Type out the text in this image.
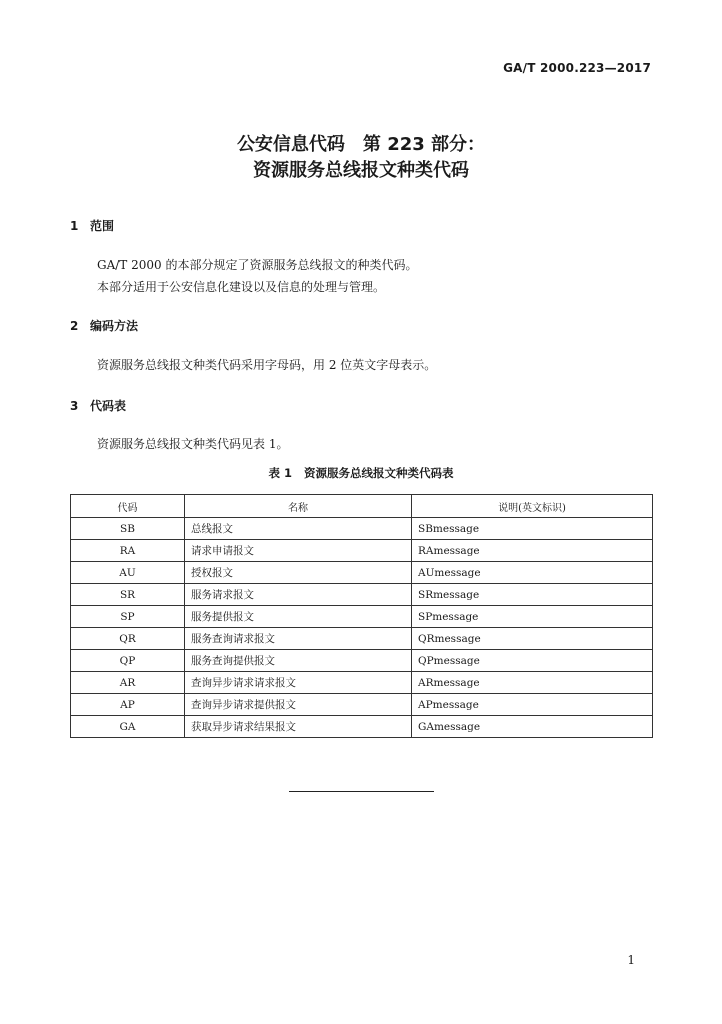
GA/T 2000.223—2017
公安信息代码　第 223 部分：
资源服务总线报文种类代码
1 范围
GA/T 2000 的本部分规定了资源服务总线报文的种类代码。
本部分适用于公安信息化建设以及信息的处理与管理。
2 编码方法
资源服务总线报文种类代码采用字母码，用 2 位英文字母表示。
3 代码表
资源服务总线报文种类代码见表 1。
表 1 资源服务总线报文种类代码表
代码	名称	说明(英文标识)
SB	总线报文	SBmessage
RA	请求申请报文	RAmessage
AU	授权报文	AUmessage
SR	服务请求报文	SRmessage
SP	服务提供报文	SPmessage
QR	服务查询请求报文	QRmessage
QP	服务查询提供报文	QPmessage
AR	查询异步请求请求报文	ARmessage
AP	查询异步请求提供报文	APmessage
GA	获取异步请求结果报文	GAmessage
1
